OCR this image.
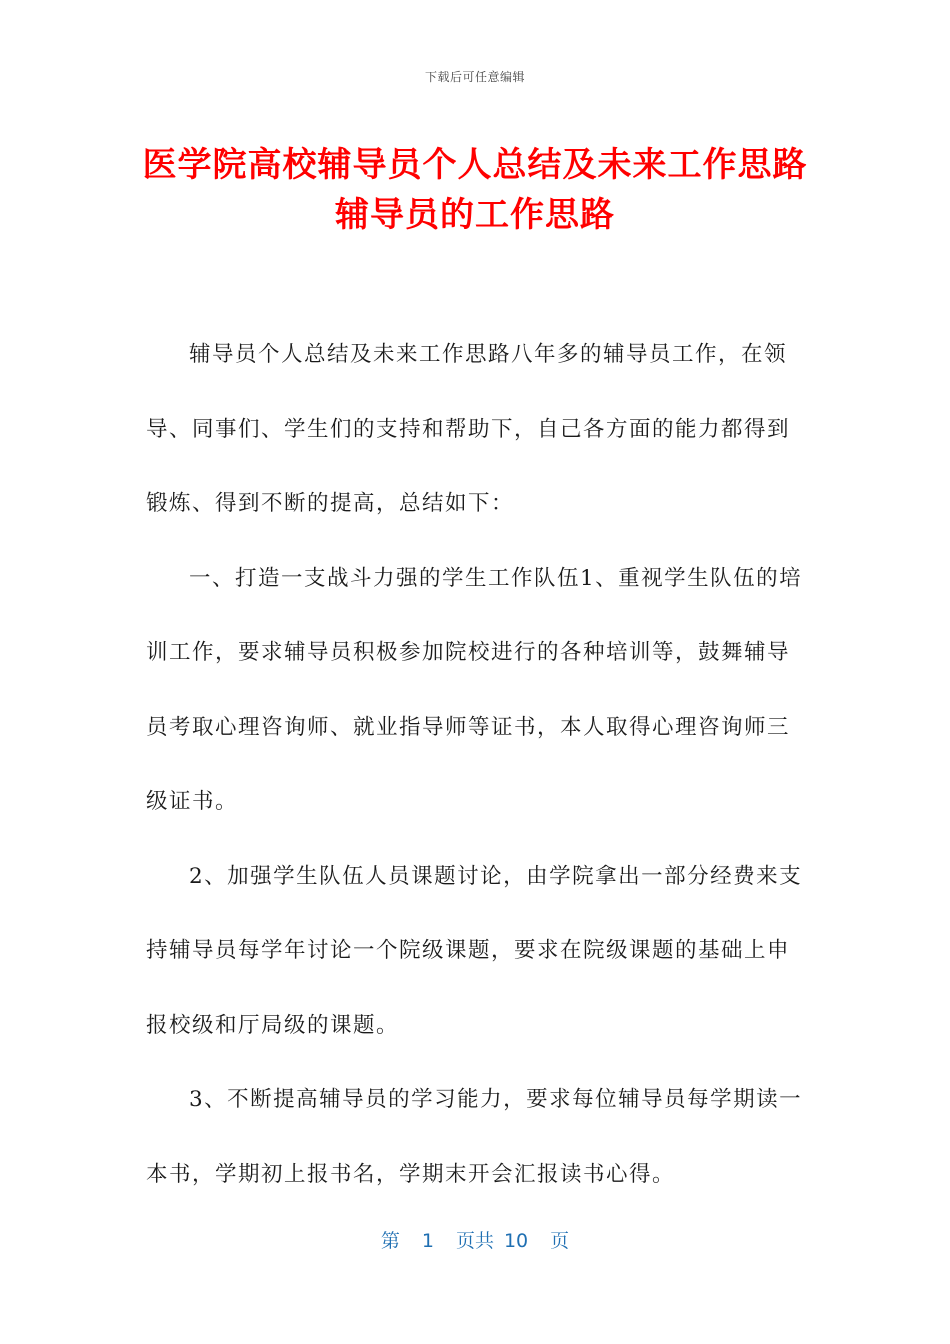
下载后可任意编辑
医学院高校辅导员个人总结及未来工作思路
辅导员的工作思路

辅导员个人总结及未来工作思路八年多的辅导员工作，在领导、同事们、学生们的支持和帮助下，自己各方面的能力都得到锻炼、得到不断的提高，总结如下：

一、打造一支战斗力强的学生工作队伍1、重视学生队伍的培训工作，要求辅导员积极参加院校进行的各种培训等，鼓舞辅导员考取心理咨询师、就业指导师等证书，本人取得心理咨询师三级证书。

2、加强学生队伍人员课题讨论，由学院拿出一部分经费来支持辅导员每学年讨论一个院级课题，要求在院级课题的基础上申报校级和厅局级的课题。

3、不断提高辅导员的学习能力，要求每位辅导员每学期读一本书，学期初上报书名，学期末开会汇报读书心得。

第 1 页共 10 页
